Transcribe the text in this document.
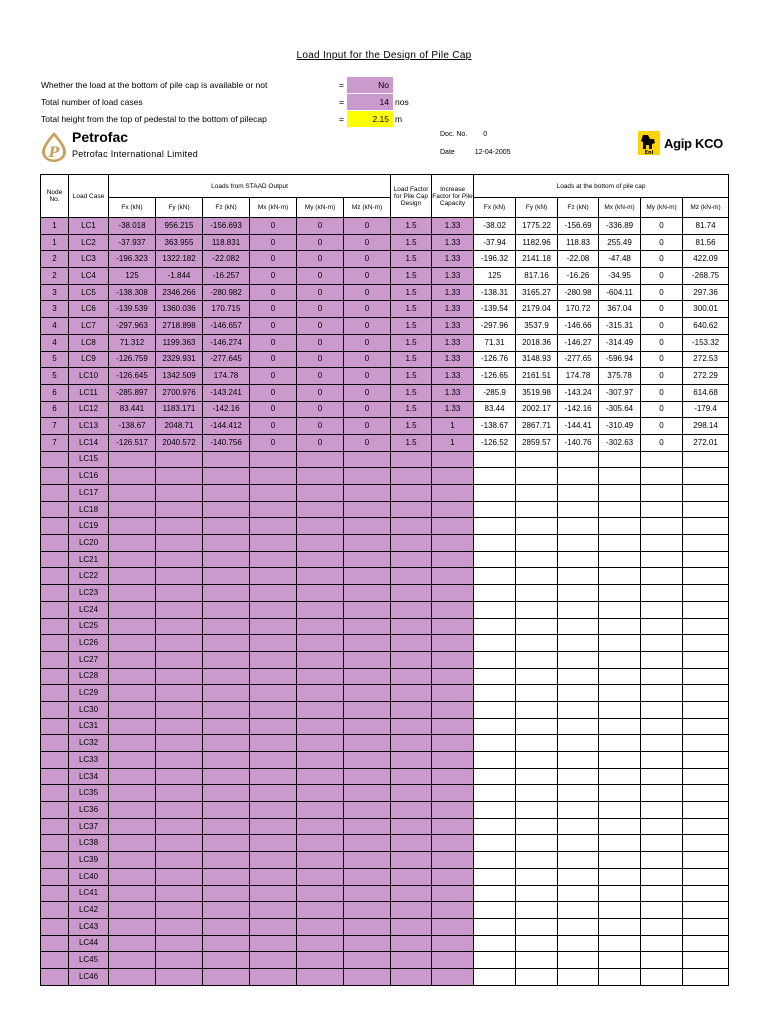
Load Input for the Design of Pile Cap
Whether the load at the bottom of pile cap is available or not	=	No
Total number of load cases	=	14 nos
Total height from the top of pedestal to the bottom of pilecap	=	2.15 m
P
Petrofac
Petrofac International Limited
Doc. No. 0
Date	12-04-2005	Eni
Agip KCO
Node No.	Load Case	Loads from STAAD Output						Load Factor for Pile Cap Design	Increase Factor for Pile Capacity	Loads at the bottom of pile cap					
		Fx (kN)	Fy (kN)	Fz (kN)	Mx (kN-m)	My (kN-m)	Mz (kN-m)			Fx (kN)	Fy (kN)	Fz (kN)	Mx (kN-m)	My (kN-m)	Mz (kN-m)
1	LC1	-38.018	956.215	-156.693	0	0	0	1.5	1.33	-38.02	1775.22	-156.69	-336.89	0	81.74
1	LC2	-37.937	363.955	118.831	0	0	0	1.5	1.33	-37.94	1182.96	118.83	255.49	0	81.56
2	LC3	-196.323	1322.182	-22.082	0	0	0	1.5	1.33	-196.32	2141.18	-22.08	-47.48	0	422.09
2	LC4	125	-1.844	-16.257	0	0	0	1.5	1.33	125	817.16	-16.26	-34.95	0	-268.75
3	LC5	-138.308	2346.266	-280.982	0	0	0	1.5	1.33	-138.31	3165.27	-280.98	-604.11	0	297.36
3	LC6	-139.539	1360.036	170.715	0	0	0	1.5	1.33	-139.54	2179.04	170.72	367.04	0	300.01
4	LC7	-297.963	2718.898	-146.657	0	0	0	1.5	1.33	-297.96	3537.9	-146.66	-315.31	0	640.62
4	LC8	71.312	1199.363	-146.274	0	0	0	1.5	1.33	71.31	2018.36	-146.27	-314.49	0	-153.32
5	LC9	-126.759	2329.931	-277.645	0	0	0	1.5	1.33	-126.76	3148.93	-277.65	-596.94	0	272.53
5	LC10	-126.645	1342.509	174.78	0	0	0	1.5	1.33	-126.65	2161.51	174.78	375.78	0	272.29
6	LC11	-285.897	2700.976	-143.241	0	0	0	1.5	1.33	-285.9	3519.98	-143.24	-307.97	0	614.68
6	LC12	83.441	1183.171	-142.16	0	0	0	1.5	1.33	83.44	2002.17	-142.16	-305.64	0	-179.4
7	LC13	-138.67	2048.71	-144.412	0	0	0	1.5	1	-138.67	2867.71	-144.41	-310.49	0	298.14
7	LC14	-126.517	2040.572	-140.756	0	0	0	1.5	1	-126.52	2859.57	-140.76	-302.63	0	272.01
	LC15														
	LC16														
	LC17														
	LC18														
	LC19														
	LC20														
	LC21														
	LC22														
	LC23														
	LC24														
	LC25														
	LC26														
	LC27														
	LC28														
	LC29														
	LC30														
	LC31														
	LC32														
	LC33														
	LC34														
	LC35														
	LC36														
	LC37														
	LC38														
	LC39														
	LC40														
	LC41														
	LC42														
	LC43														
	LC44														
	LC45														
	LC46														
